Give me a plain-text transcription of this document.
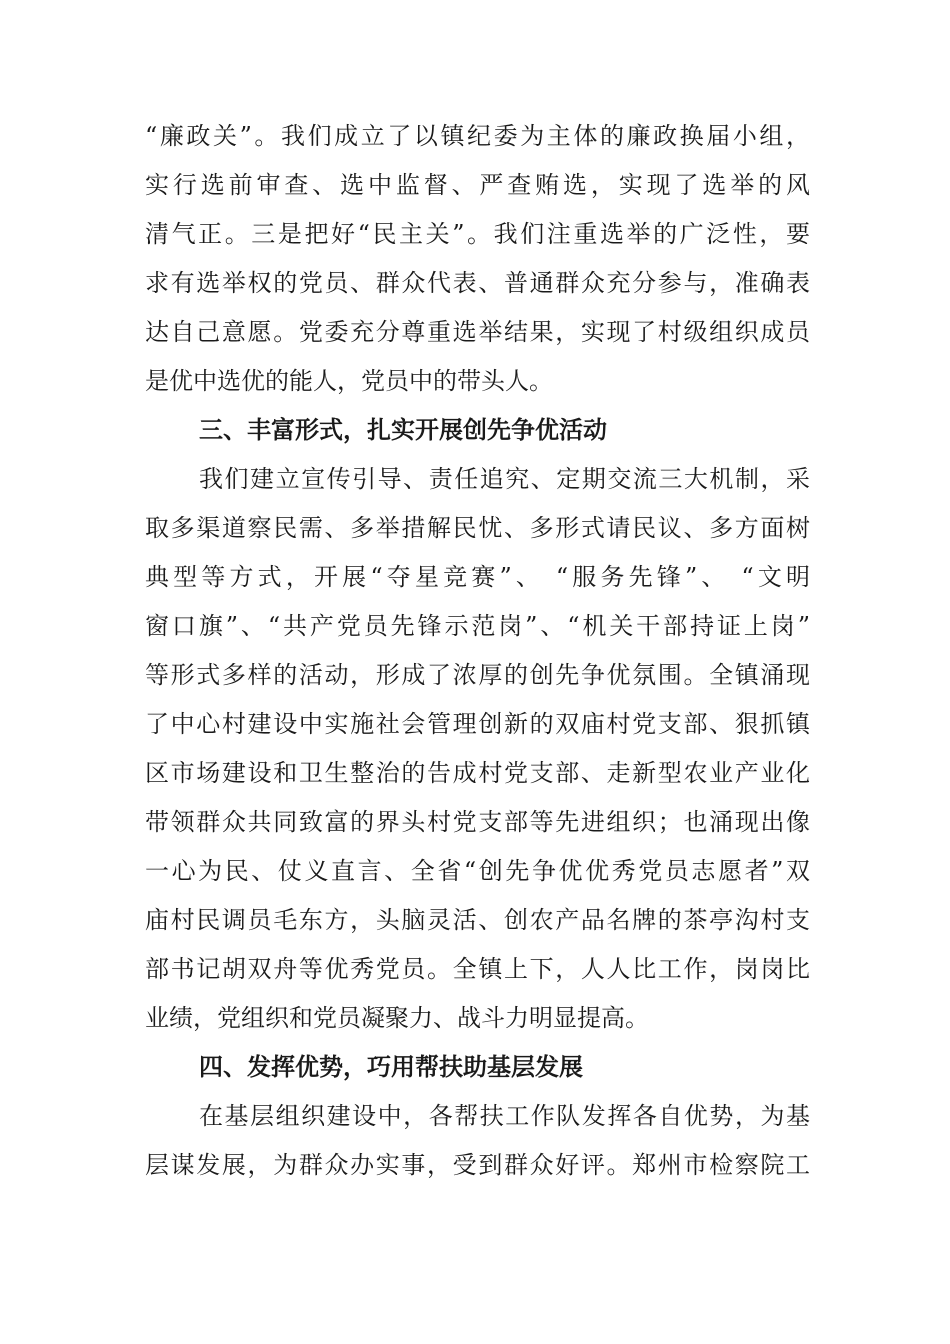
“廉政关”。我们成立了以镇纪委为主体的廉政换届小组，
实行选前审查、选中监督、严查贿选，实现了选举的风
清气正。三是把好“民主关”。我们注重选举的广泛性，要
求有选举权的党员、群众代表、普通群众充分参与，准确表
达自己意愿。党委充分尊重选举结果，实现了村级组织成员
是优中选优的能人，党员中的带头人。
三、丰富形式，扎实开展创先争优活动
我们建立宣传引导、责任追究、定期交流三大机制，采
取多渠道察民需、多举措解民忧、多形式请民议、多方面树
典型等方式，开展“夺星竞赛”、 “服务先锋”、 “文明
窗口旗”、“共产党员先锋示范岗”、“机关干部持证上岗”
等形式多样的活动，形成了浓厚的创先争优氛围。全镇涌现
了中心村建设中实施社会管理创新的双庙村党支部、狠抓镇
区市场建设和卫生整治的告成村党支部、走新型农业产业化
带领群众共同致富的界头村党支部等先进组织；也涌现出像
一心为民、仗义直言、全省“创先争优优秀党员志愿者”双
庙村民调员毛东方，头脑灵活、创农产品名牌的茶亭沟村支
部书记胡双舟等优秀党员。全镇上下，人人比工作，岗岗比
业绩，党组织和党员凝聚力、战斗力明显提高。
四、发挥优势，巧用帮扶助基层发展
在基层组织建设中，各帮扶工作队发挥各自优势，为基
层谋发展，为群众办实事，受到群众好评。郑州市检察院工
